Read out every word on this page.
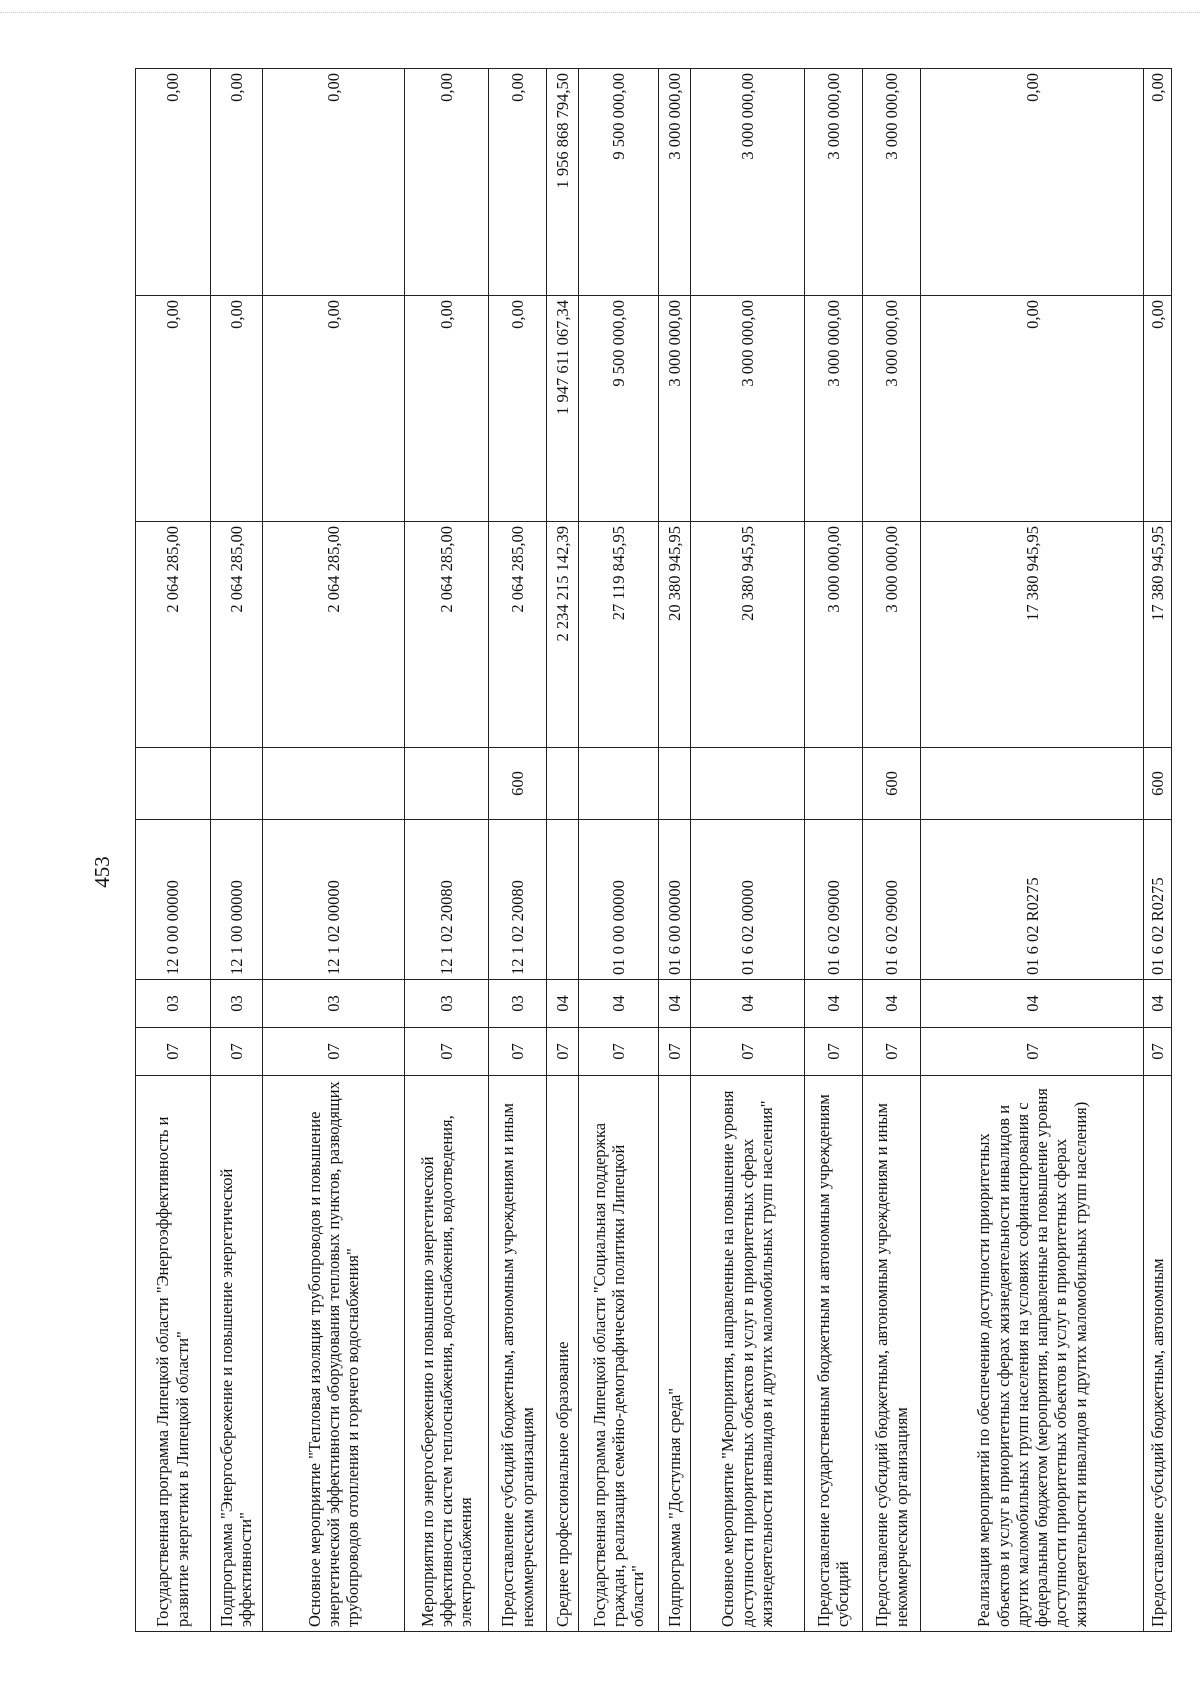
453
Государственная программа Липецкой области "Энергоэффективность и развитие энергетики в Липецкой области"	07	03	12 0 00 00000		2 064 285,00	0,00	0,00
Подпрограмма "Энергосбережение и повышение энергетической эффективности"	07	03	12 1 00 00000		2 064 285,00	0,00	0,00
Основное мероприятие "Тепловая изоляция трубопроводов и повышение энергетической эффективности оборудования тепловых пунктов, разводящих трубопроводов отопления и горячего водоснабжения"	07	03	12 1 02 00000		2 064 285,00	0,00	0,00
Мероприятия по энергосбережению и повышению энергетической эффективности систем теплоснабжения, водоснабжения, водоотведения, электроснабжения	07	03	12 1 02 20080		2 064 285,00	0,00	0,00
Предоставление субсидий бюджетным, автономным учреждениям и иным некоммерческим организациям	07	03	12 1 02 20080	600	2 064 285,00	0,00	0,00
Среднее профессиональное образование	07	04			2 234 215 142,39	1 947 611 067,34	1 956 868 794,50
Государственная программа Липецкой области "Социальная поддержка граждан, реализация семейно-демографической политики Липецкой области"	07	04	01 0 00 00000		27 119 845,95	9 500 000,00	9 500 000,00
Подпрограмма "Доступная среда"	07	04	01 6 00 00000		20 380 945,95	3 000 000,00	3 000 000,00
Основное мероприятие "Мероприятия, направленные на повышение уровня доступности приоритетных объектов и услуг в приоритетных сферах жизнедеятельности инвалидов и других маломобильных групп населения"	07	04	01 6 02 00000		20 380 945,95	3 000 000,00	3 000 000,00
Предоставление государственным бюджетным и автономным учреждениям субсидий	07	04	01 6 02 09000		3 000 000,00	3 000 000,00	3 000 000,00
Предоставление субсидий бюджетным, автономным учреждениям и иным некоммерческим организациям	07	04	01 6 02 09000	600	3 000 000,00	3 000 000,00	3 000 000,00
Реализация мероприятий по обеспечению доступности приоритетных объектов и услуг в приоритетных сферах жизнедеятельности инвалидов и других маломобильных групп населения на условиях софинансирования с федеральным бюджетом (мероприятия, направленные на повышение уровня доступности приоритетных объектов и услуг в приоритетных сферах жизнедеятельности инвалидов и других маломобильных групп населения)	07	04	01 6 02 R0275		17 380 945,95	0,00	0,00
Предоставление субсидий бюджетным, автономным	07	04	01 6 02 R0275	600	17 380 945,95	0,00	0,00
